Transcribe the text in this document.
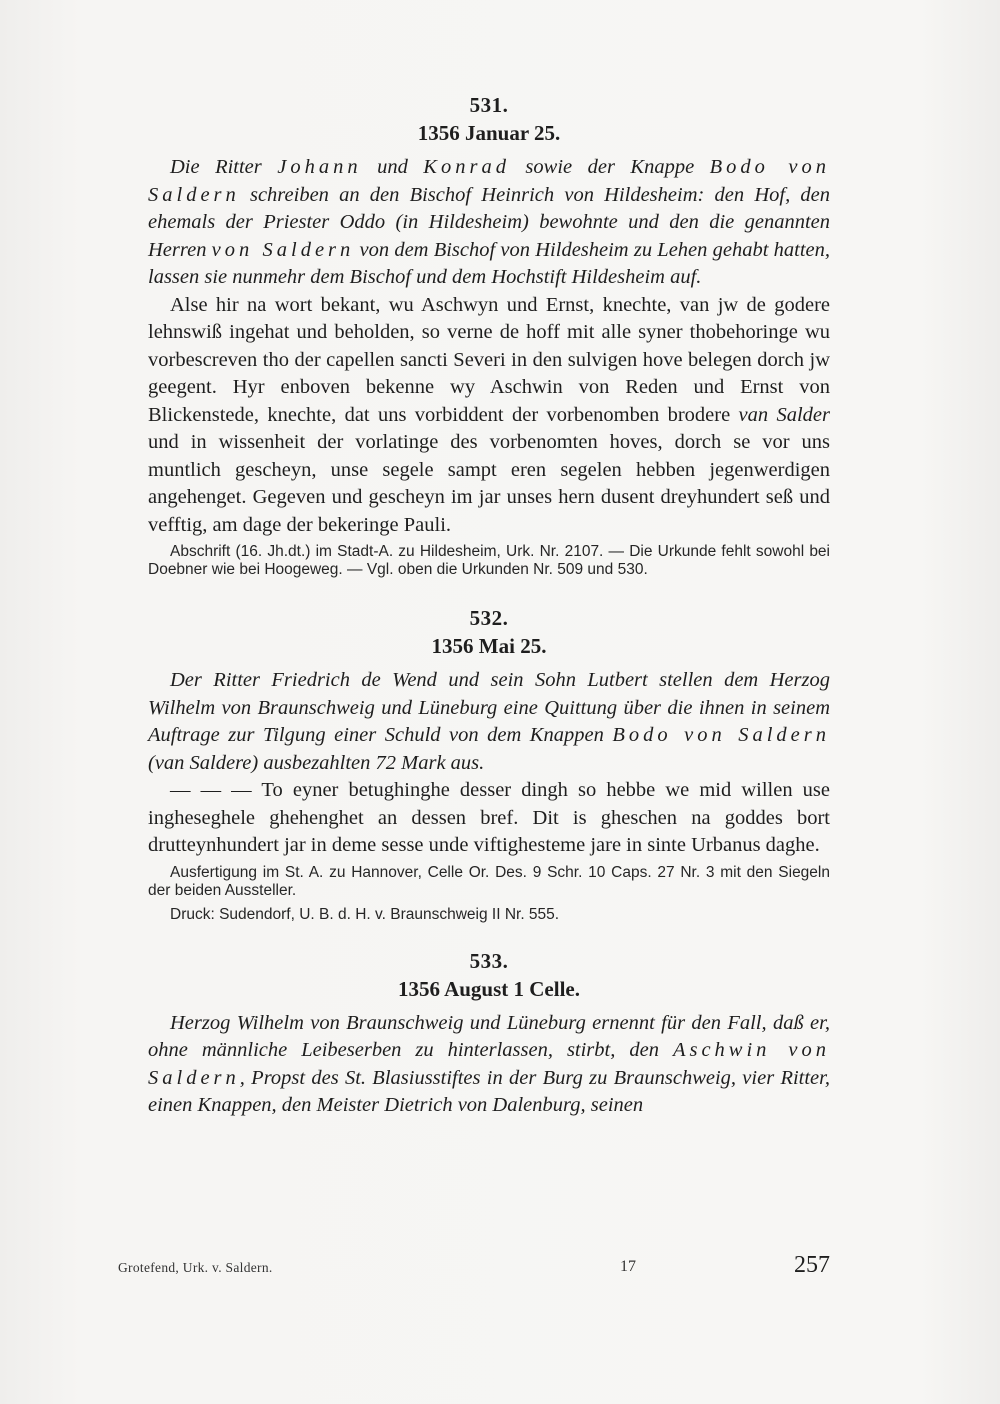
531.

1356 Januar 25.

Die Ritter Johann und Konrad sowie der Knappe Bodo von Saldern schreiben an den Bischof Heinrich von Hildesheim: den Hof, den ehemals der Priester Oddo (in Hildesheim) bewohnte und den die genannten Herren von Saldern von dem Bischof von Hildesheim zu Lehen gehabt hatten, lassen sie nunmehr dem Bischof und dem Hochstift Hildesheim auf.

Alse hir na wort bekant, wu Aschwyn und Ernst, knechte, van jw de godere lehnswiß ingehat und beholden, so verne de hoff mit alle syner thobehoringe wu vorbescreven tho der capellen sancti Severi in den sulvigen hove belegen dorch jw geegent. Hyr enboven bekenne wy Aschwin von Reden und Ernst von Blickenstede, knechte, dat uns vorbiddent der vorbenomben brodere van Salder und in wissenheit der vorlatinge des vorbenomten hoves, dorch se vor uns muntlich gescheyn, unse segele sampt eren segelen hebben jegenwerdigen angehenget. Gegeven und gescheyn im jar unses hern dusent dreyhundert seß und vefftig, am dage der bekeringe Pauli.

Abschrift (16. Jh.dt.) im Stadt-A. zu Hildesheim, Urk. Nr. 2107. — Die Urkunde fehlt sowohl bei Doebner wie bei Hoogeweg. — Vgl. oben die Urkunden Nr. 509 und 530.

532.

1356 Mai 25.

Der Ritter Friedrich de Wend und sein Sohn Lutbert stellen dem Herzog Wilhelm von Braunschweig und Lüneburg eine Quittung über die ihnen in seinem Auftrage zur Tilgung einer Schuld von dem Knappen Bodo von Saldern (van Saldere) ausbezahlten 72 Mark aus.

— — — To eyner betughinghe desser dingh so hebbe we mid willen use ingheseghele ghehenghet an dessen bref. Dit is gheschen na goddes bort drutteynhundert jar in deme sesse unde viftighesteme jare in sinte Urbanus daghe.

Ausfertigung im St. A. zu Hannover, Celle Or. Des. 9 Schr. 10 Caps. 27 Nr. 3 mit den Siegeln der beiden Aussteller.

Druck: Sudendorf, U. B. d. H. v. Braunschweig II Nr. 555.

533.

1356 August 1 Celle.

Herzog Wilhelm von Braunschweig und Lüneburg ernennt für den Fall, daß er, ohne männliche Leibeserben zu hinterlassen, stirbt, den Aschwin von Saldern, Propst des St. Blasiusstiftes in der Burg zu Braunschweig, vier Ritter, einen Knappen, den Meister Dietrich von Dalenburg, seinen

Grotefend, Urk. v. Saldern.	17	257
